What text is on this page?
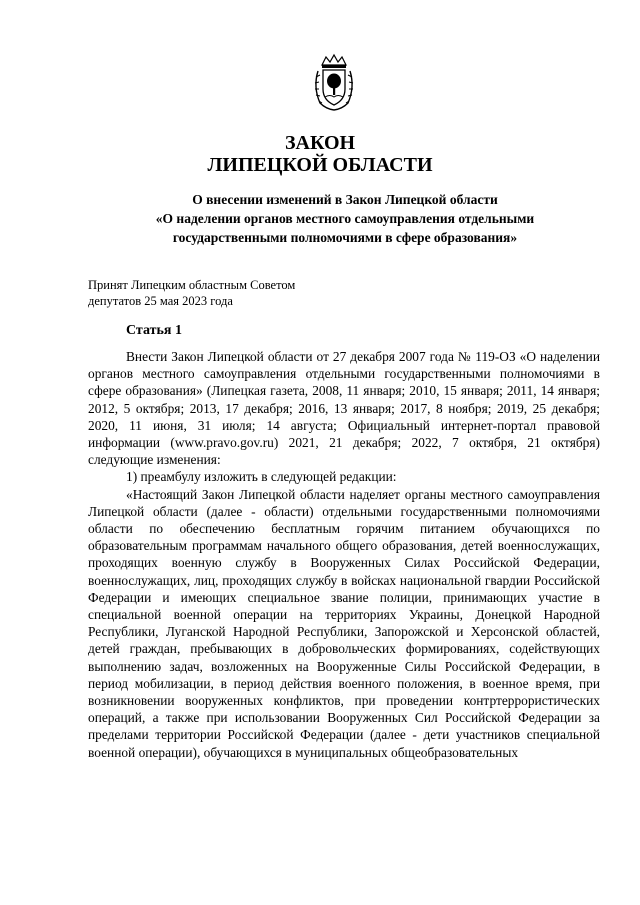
ЗАКОН
ЛИПЕЦКОЙ ОБЛАСТИ
О внесении изменений в Закон Липецкой области
«О наделении органов местного самоуправления отдельными
государственными полномочиями в сфере образования»
Принят Липецким областным Советом
депутатов 25 мая 2023 года
Статья 1

Внести Закон Липецкой области от 27 декабря 2007 года № 119-ОЗ «О наделении органов местного самоуправления отдельными государственными полномочиями в сфере образования» (Липецкая газета, 2008, 11 января; 2010, 15 января; 2011, 14 января; 2012, 5 октября; 2013, 17 декабря; 2016, 13 января; 2017, 8 ноября; 2019, 25 декабря; 2020, 11 июня, 31 июля; 14 августа; Официальный интернет-портал правовой информации (www.pravo.gov.ru) 2021, 21 декабря; 2022, 7 октября, 21 октября) следующие изменения:

1) преамбулу изложить в следующей редакции:

«Настоящий Закон Липецкой области наделяет органы местного самоуправления Липецкой области (далее - области) отдельными государственными полномочиями области по обеспечению бесплатным горячим питанием обучающихся по образовательным программам начального общего образования, детей военнослужащих, проходящих военную службу в Вооруженных Силах Российской Федерации, военнослужащих, лиц, проходящих службу в войсках национальной гвардии Российской Федерации и имеющих специальное звание полиции, принимающих участие в специальной военной операции на территориях Украины, Донецкой Народной Республики, Луганской Народной Республики, Запорожской и Херсонской областей, детей граждан, пребывающих в добровольческих формированиях, содействующих выполнению задач, возложенных на Вооруженные Силы Российской Федерации, в период мобилизации, в период действия военного положения, в военное время, при возникновении вооруженных конфликтов, при проведении контртеррористических операций, а также при использовании Вооруженных Сил Российской Федерации за пределами территории Российской Федерации (далее - дети участников специальной военной операции), обучающихся в муниципальных общеобразовательных
